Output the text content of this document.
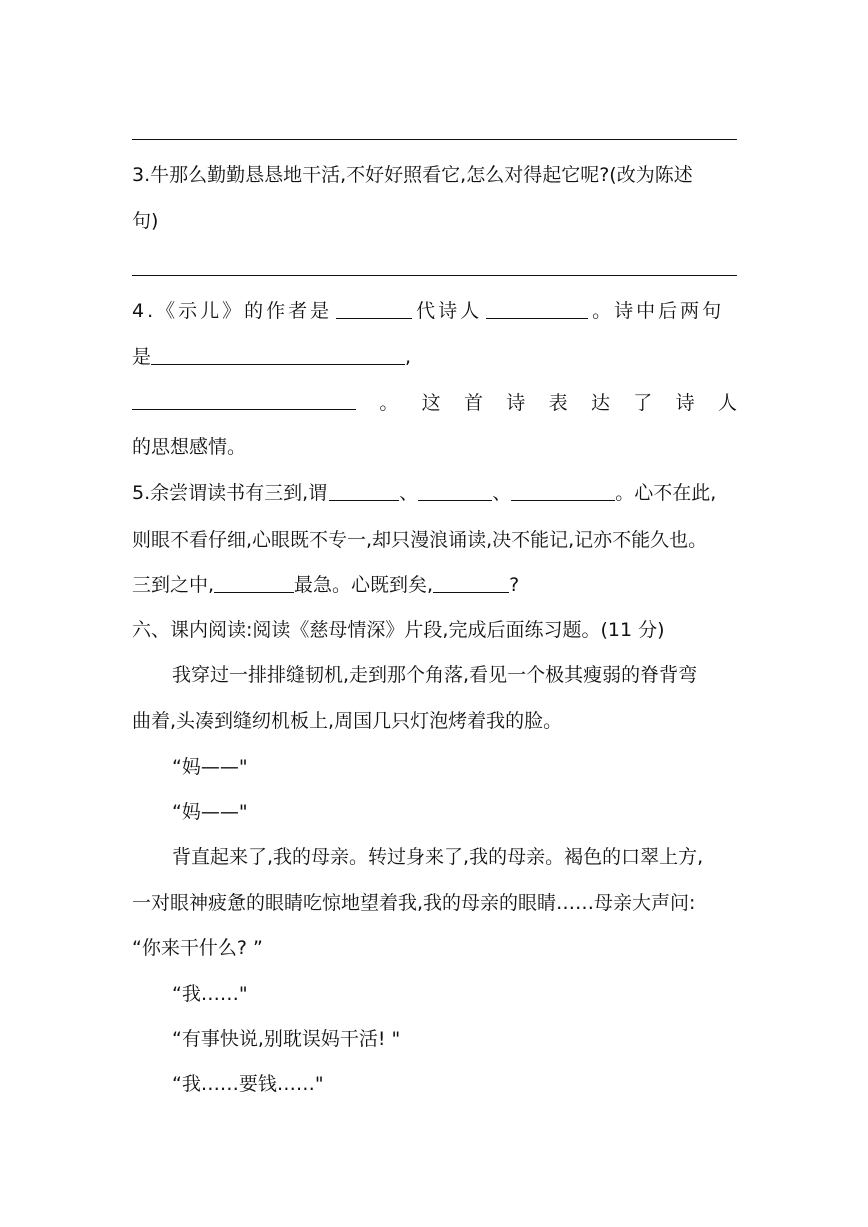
3.牛那么勤勤恳恳地干活,不好好照看它,怎么对得起它呢?(改为陈述
句)
4.《示儿》的作者是	代诗人	。诗中后两句
是	,
。 这 首 诗 表 达 了 诗 人
的思想感情。
5.余尝谓读书有三到,谓	、	、	。心不在此,
则眼不看仔细,心眼既不专一,却只漫浪诵读,决不能记,记亦不能久也。
三到之中,	最急。心既到矣,	?
六、课内阅读:阅读《慈母情深》片段,完成后面练习题。(11 分)
我穿过一排排缝韧机,走到那个角落,看见一个极其瘦弱的脊背弯
曲着,头凑到缝纫机板上,周国几只灯泡烤着我的脸。
“妈——"
“妈——"
背直起来了,我的母亲。转过身来了,我的母亲。褐色的口翠上方,
一对眼神疲惫的眼睛吃惊地望着我,我的母亲的眼睛……母亲大声问:
“你来干什么? ”
“我……"
“有事快说,别耽误妈干活! "
“我……要钱……"
